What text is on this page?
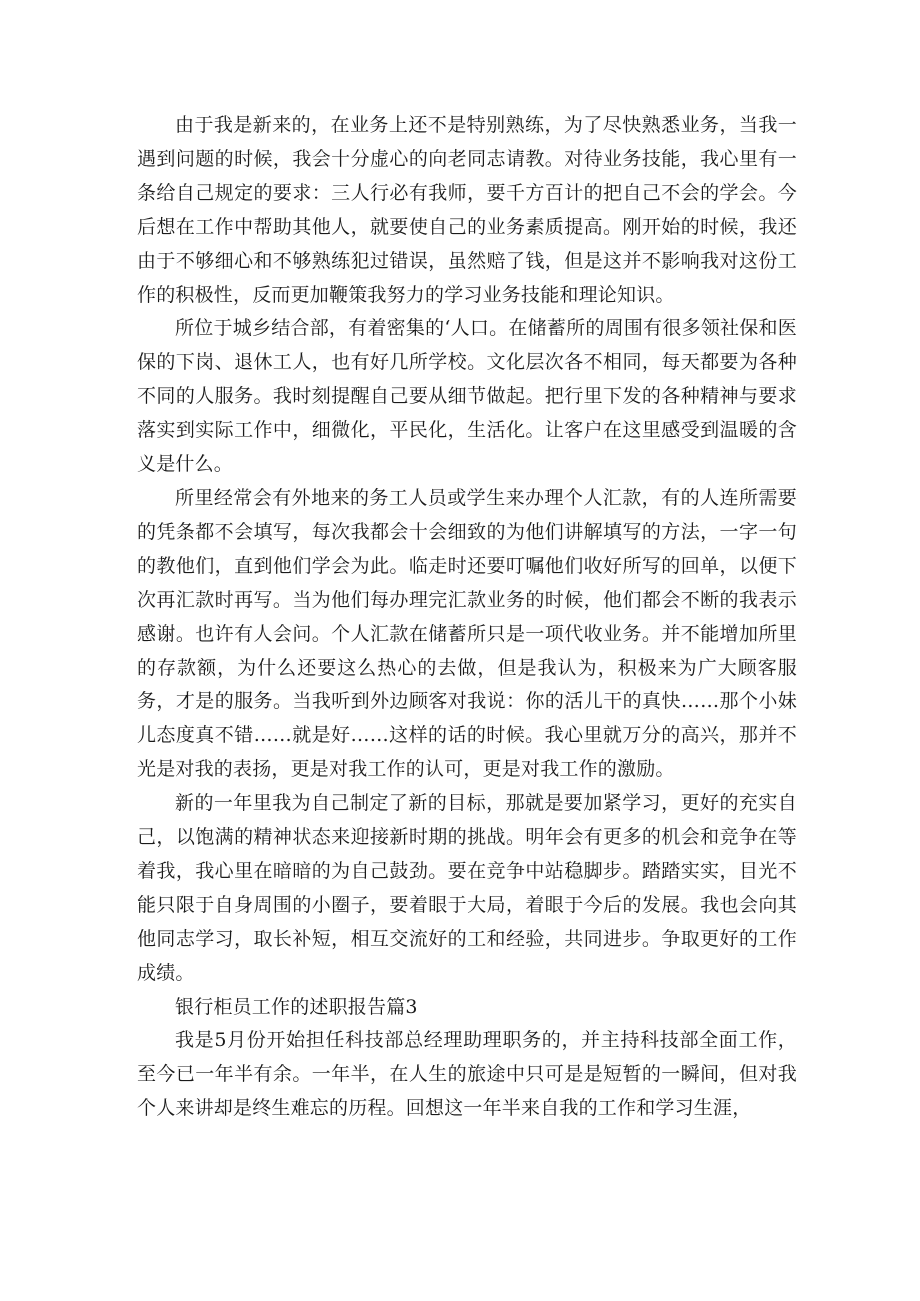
由于我是新来的，在业务上还不是特别熟练，为了尽快熟悉业务，当我一遇到问题的时候，我会十分虚心的向老同志请教。对待业务技能，我心里有一条给自己规定的要求：三人行必有我师，要千方百计的把自己不会的学会。今后想在工作中帮助其他人，就要使自己的业务素质提高。刚开始的时候，我还由于不够细心和不够熟练犯过错误，虽然赔了钱，但是这并不影响我对这份工作的积极性，反而更加鞭策我努力的学习业务技能和理论知识。

所位于城乡结合部，有着密集的‘人口。在储蓄所的周围有很多领社保和医保的下岗、退休工人，也有好几所学校。文化层次各不相同，每天都要为各种不同的人服务。我时刻提醒自己要从细节做起。把行里下发的各种精神与要求落实到实际工作中，细微化，平民化，生活化。让客户在这里感受到温暖的含义是什么。

所里经常会有外地来的务工人员或学生来办理个人汇款，有的人连所需要的凭条都不会填写，每次我都会十会细致的为他们讲解填写的方法，一字一句的教他们，直到他们学会为此。临走时还要叮嘱他们收好所写的回单，以便下次再汇款时再写。当为他们每办理完汇款业务的时候，他们都会不断的我表示感谢。也许有人会问。个人汇款在储蓄所只是一项代收业务。并不能增加所里的存款额，为什么还要这么热心的去做，但是我认为，积极来为广大顾客服务，才是的服务。当我听到外边顾客对我说：你的活儿干的真快……那个小妹儿态度真不错……就是好……这样的话的时候。我心里就万分的高兴，那并不光是对我的表扬，更是对我工作的认可，更是对我工作的激励。

新的一年里我为自己制定了新的目标，那就是要加紧学习，更好的充实自己，以饱满的精神状态来迎接新时期的挑战。明年会有更多的机会和竞争在等着我，我心里在暗暗的为自己鼓劲。要在竞争中站稳脚步。踏踏实实，目光不能只限于自身周围的小圈子，要着眼于大局，着眼于今后的发展。我也会向其他同志学习，取长补短，相互交流好的工和经验，共同进步。争取更好的工作成绩。

银行柜员工作的述职报告篇3

我是5月份开始担任科技部总经理助理职务的，并主持科技部全面工作，至今已一年半有余。一年半，在人生的旅途中只可是是短暂的一瞬间，但对我个人来讲却是终生难忘的历程。回想这一年半来自我的工作和学习生涯，
